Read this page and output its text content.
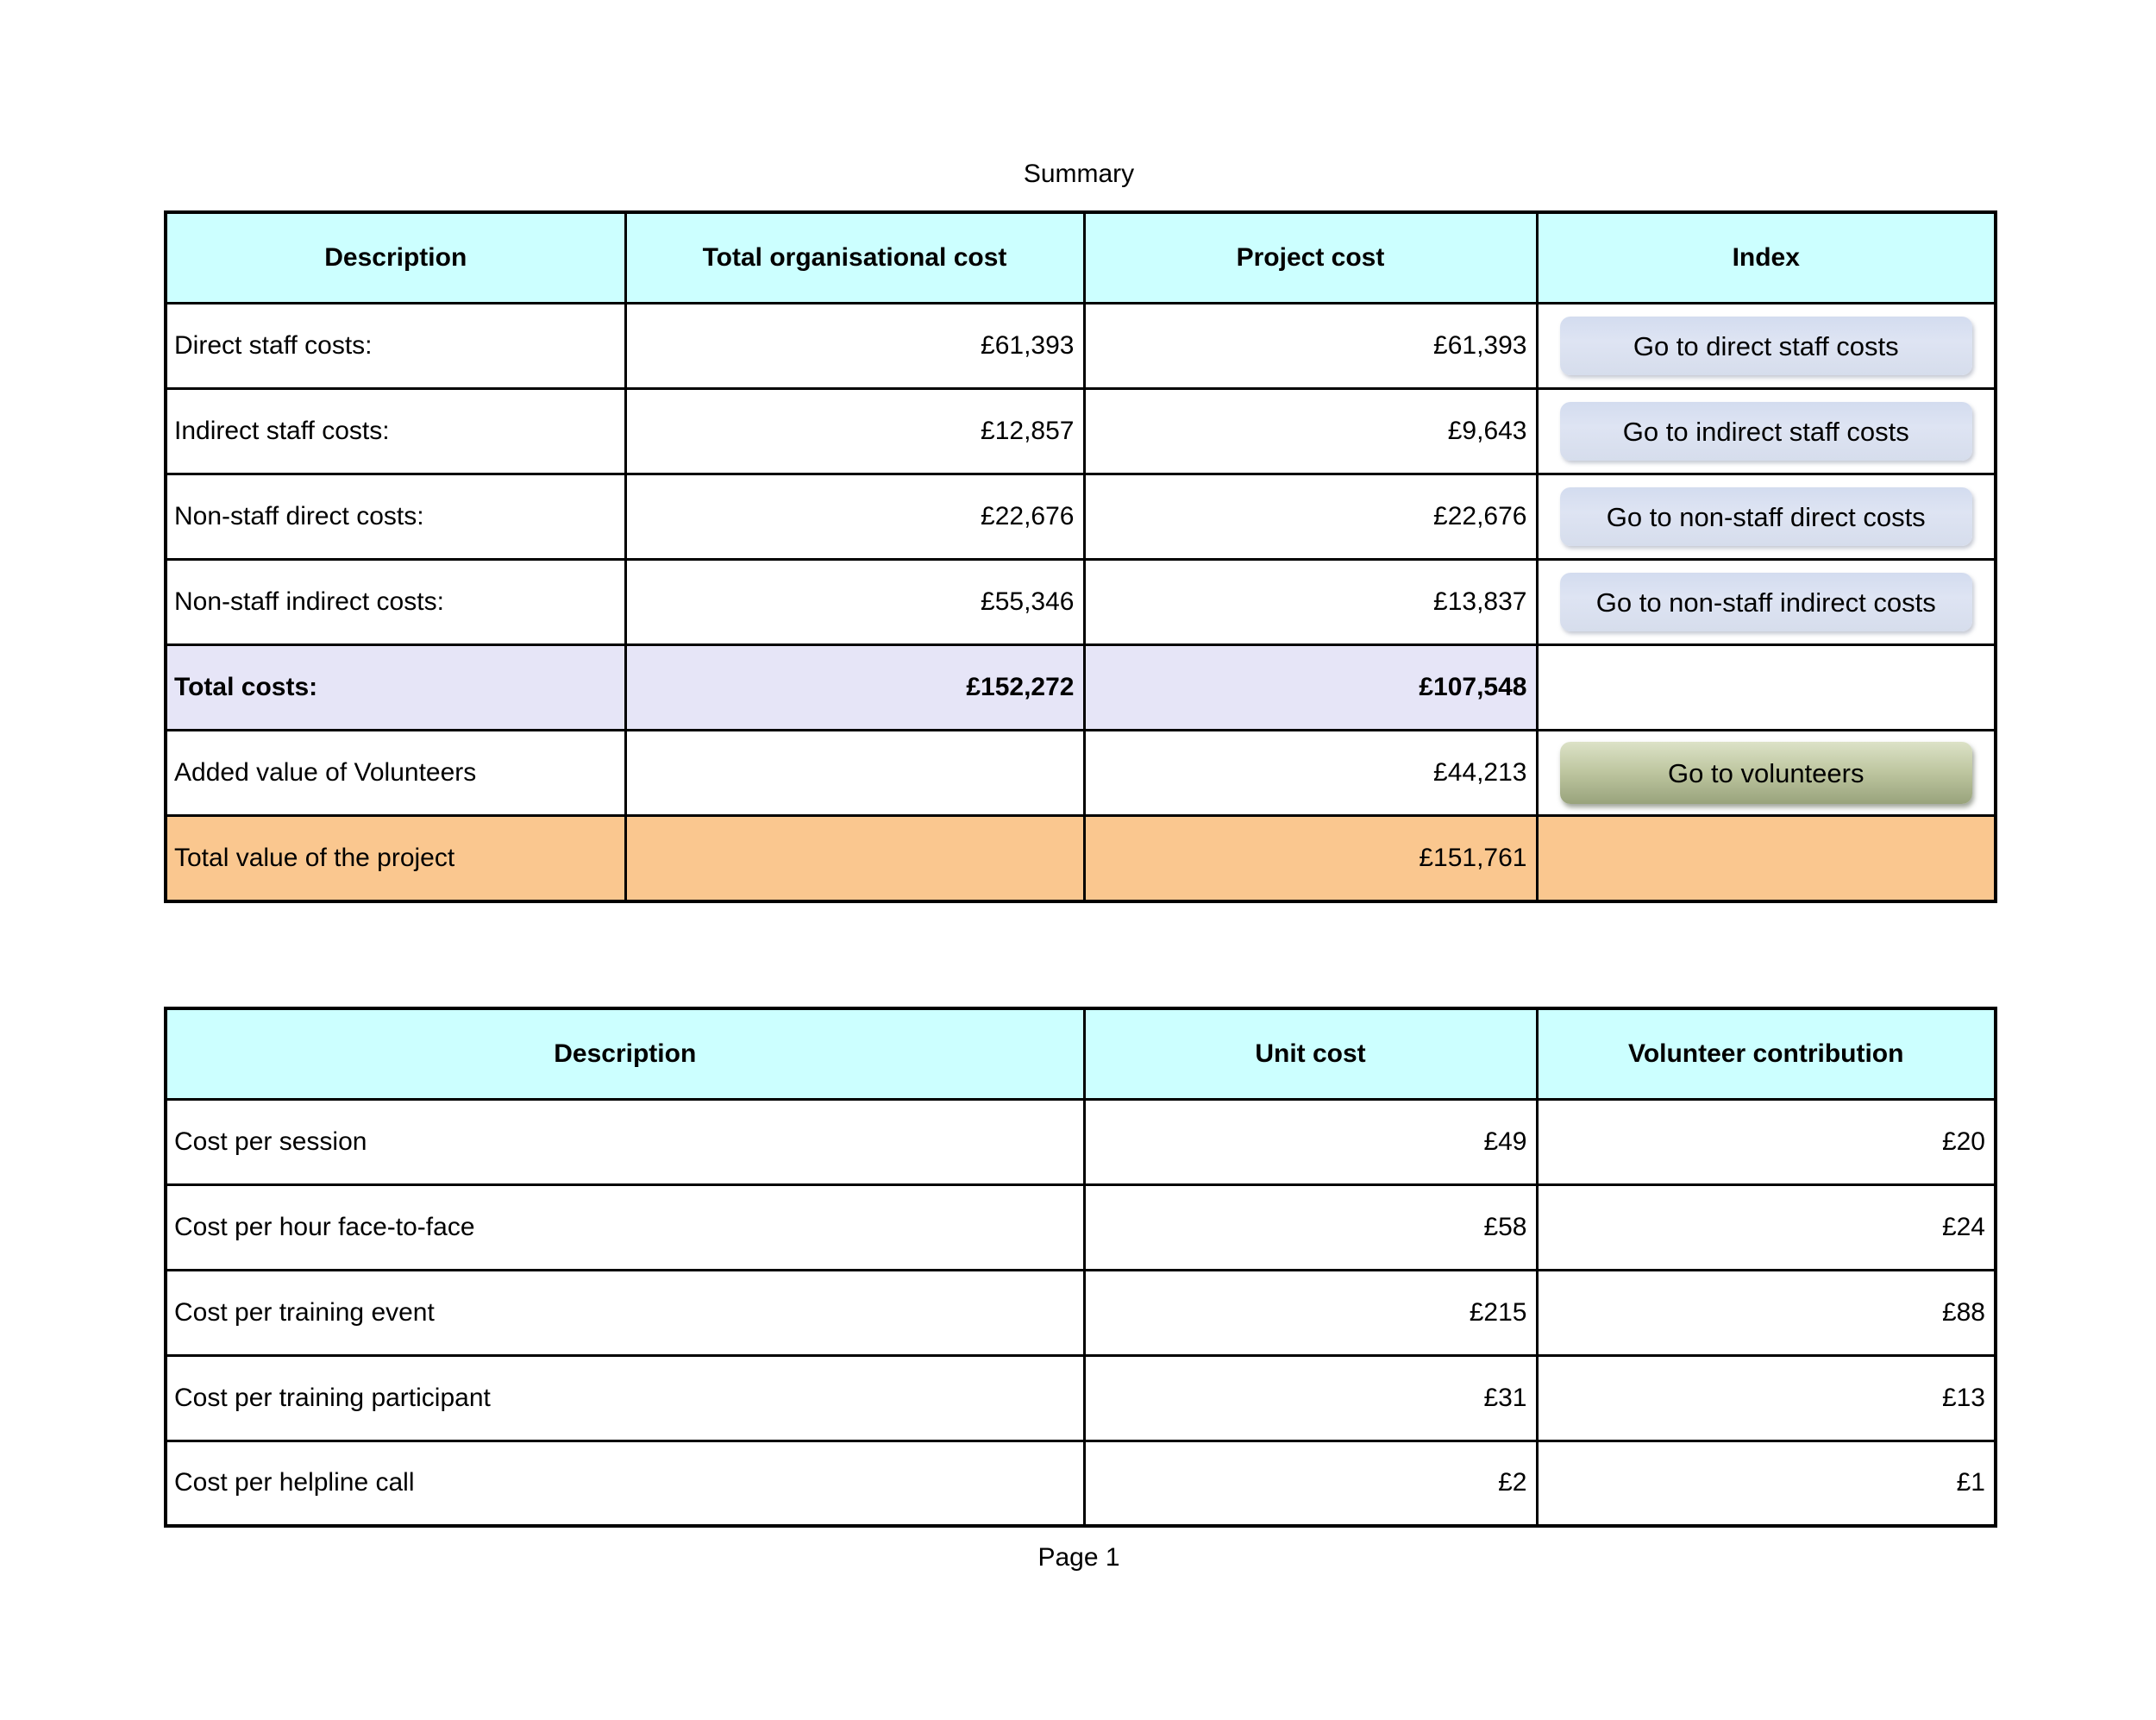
Summary
Description	Total organisational cost	Project cost	Index
Direct staff costs:	£61,393	£61,393	Go to direct staff costs

Indirect staff costs:	£12,857	£9,643	Go to indirect staff costs

Non-staff direct costs:	£22,676	£22,676	Go to non-staff direct costs

Non-staff indirect costs:	£55,346	£13,837	Go to non-staff indirect costs

Total costs:	£152,272	£107,548	
Added value of Volunteers		£44,213	Go to volunteers

Total value of the project		£151,761	
Description	Unit cost	Volunteer contribution
Cost per session	£49	£20
Cost per hour face-to-face	£58	£24
Cost per training event	£215	£88
Cost per training participant	£31	£13
Cost per helpline call	£2	£1
Page 1
